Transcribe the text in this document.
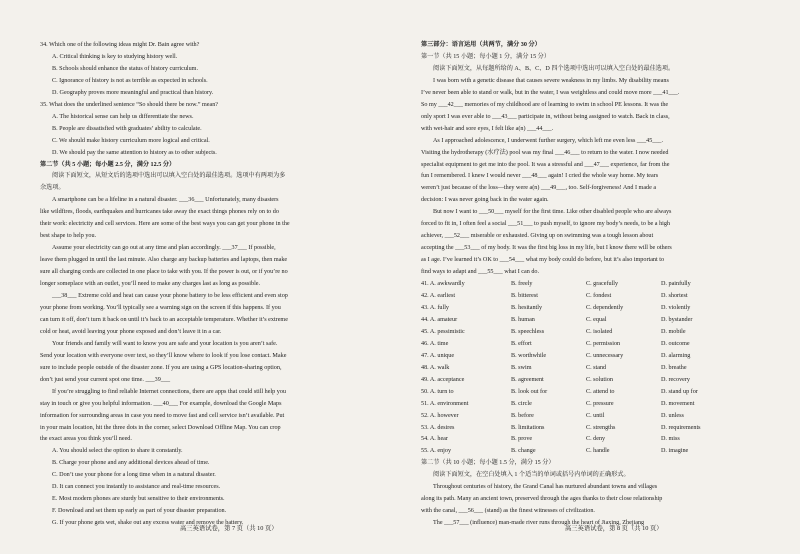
34. Which one of the following ideas might Dr. Bain agree with?

A. Critical thinking is key to studying history well.

B. Schools should enhance the status of history curriculum.

C. Ignorance of history is not as terrible as expected in schools.

D. Geography proves more meaningful and practical than history.

35. What does the underlined sentence “So should there be now.” mean?

A. The historical sense can help us differentiate the news.

B. People are dissatisfied with graduates’ ability to calculate.

C. We should make history curriculum more logical and critical.

D. We should pay the same attention to history as to other subjects.

第二节（共 5 小题；每小题 2.5 分，满分 12.5 分）

阅读下面短文，从短文后的选项中选出可以填入空白处的最佳选项。选项中有两项为多

余选项。

A smartphone can be a lifeline in a natural disaster. ___36___ Unfortunately, many disasters

like wildfires, floods, earthquakes and hurricanes take away the exact things phones rely on to do

their work: electricity and cell services. Here are some of the best ways you can get your phone in the

best shape to help you.

Assume your electricity can go out at any time and plan accordingly. ___37___ If possible,

leave them plugged in until the last minute. Also charge any backup batteries and laptops, then make

sure all charging cords are collected in one place to take with you. If the power is out, or if you’re no

longer someplace with an outlet, you’ll need to make any charges last as long as possible.

___38___ Extreme cold and heat can cause your phone battery to be less efficient and even stop

your phone from working. You’ll typically see a warning sign on the screen if this happens. If you

can turn it off, don’t turn it back on until it’s back to an acceptable temperature. Whether it’s extreme

cold or heat, avoid leaving your phone exposed and don’t leave it in a car.

Your friends and family will want to know you are safe and your location is you aren’t safe.

Send your location with everyone over text, so they’ll know where to look if you lose contact. Make

sure to include people outside of the disaster zone. If you are using a GPS location-sharing option,

don’t just send your current spot one time. ___39___

If you’re struggling to find reliable Internet connections, there are apps that could still help you

stay in touch or give you helpful information. ___40___ For example, download the Google Maps

information for surrounding areas in case you need to move fast and cell service isn’t available. Put

in your main location, hit the three dots in the corner, select Download Offline Map. You can crop

the exact areas you think you’ll need.

A. You should select the option to share it constantly.

B. Charge your phone and any additional devices ahead of time.

C. Don’t use your phone for a long time when in a natural disaster.

D. It can connect you instantly to assistance and real-time resources.

E. Most modern phones are sturdy but sensitive to their environments.

F. Download and set them up early as part of your disaster preparation.

G. If your phone gets wet, shake out any excess water and remove the battery.

第三部分：语言运用（共两节，满分 30 分）

第一节（共 15 小题；每小题 1 分，满分 15 分）

阅读下面短文，从每题所给的 A、B、C、D 四个选项中选出可以填入空白处的最佳选项。

I was born with a genetic disease that causes severe weakness in my limbs. My disability means

I’ve never been able to stand or walk, but in the water, I was weightless and could move more ___41___.

So my ___42___ memories of my childhood are of learning to swim in school PE lessons. It was the

only sport I was ever able to ___43___ participate in, without being assigned to watch. Back in class,

with wet-hair and sore eyes, I felt like a(n) ___44___.

As I approached adolescence, I underwent further surgery, which left me even less ___45___.

Visiting the hydrotherapy (水疗法) pool was my final ___46___ to return to the water. I now needed

specialist equipment to get me into the pool. It was a stressful and ___47___ experience, far from the

fun I remembered. I knew I would never ___48___ again! I cried the whole way home. My tears

weren’t just because of the loss—they were a(n) ___49___, too. Self-forgiveness! And I made a

decision: I was never going back in the water again.

But now I want to ___50___ myself for the first time. Like other disabled people who are always

forced to fit in, I often feel a social ___51___ to push myself, to ignore my body’s needs, to be a high

achiever, ___52___ miserable or exhausted. Giving up on swimming was a tough lesson about

accepting the ___53___ of my body. It was the first big loss in my life, but I know there will be others

as I age. I’ve learned it’s OK to ___54___ what my body could do before, but it’s also important to

find ways to adapt and ___55___ what I can do.

41. A. awkwardly	B. freely	C. gracefully	D. painfully
42. A. earliest	B. bitterest	C. fondest	D. shortest
43. A. fully	B. hesitantly	C. dependently	D. violently
44. A. amateur	B. human	C. equal	D. bystander
45. A. pessimistic	B. speechless	C. isolated	D. mobile
46. A. time	B. effort	C. permission	D. outcome
47. A. unique	B. worthwhile	C. unnecessary	D. alarming
48. A. walk	B. swim	C. stand	D. breathe
49. A. acceptance	B. agreement	C. solution	D. recovery
50. A. turn to	B. look out for	C. attend to	D. stand up for
51. A. environment	B. circle	C. pressure	D. movement
52. A. however	B. before	C. until	D. unless
53. A. desires	B. limitations	C. strengths	D. requirements
54. A. hear	B. prove	C. deny	D. miss
55. A. enjoy	B. change	C. handle	D. imagine

第二节（共 10 小题；每小题 1.5 分，满分 15 分）

阅读下面短文，在空白处填入 1 个适当的单词或括号内单词的正确形式。

Throughout centuries of history, the Grand Canal has nurtured abundant towns and villages

along its path. Many an ancient town, preserved through the ages thanks to their close relationship

with the canal, ___56___ (stand) as the finest witnesses of civilization.

The ___57___ (influence) man-made river runs through the heart of Jiaxing, Zhejiang

高三英语试卷，第 7 页（共 10 页）	高三英语试卷，第 8 页（共 10 页）
